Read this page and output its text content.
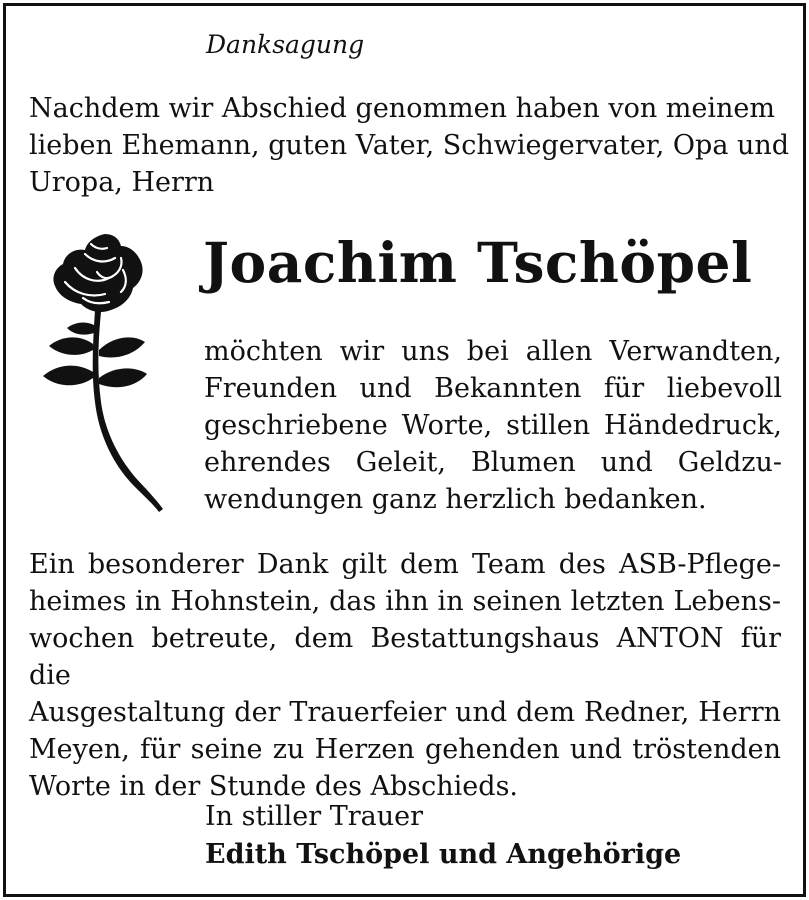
Danksagung
Nachdem wir Abschied genommen haben von meinem
lieben Ehemann, guten Vater, Schwiegervater, Opa und
Uropa, Herrn
Joachim Tschöpel
möchten wir uns bei allen Verwandten,
Freunden und Bekannten für liebevoll
geschriebene Worte, stillen Händedruck,
ehrendes Geleit, Blumen und Geldzu-
wendungen ganz herzlich bedanken.
Ein besonderer Dank gilt dem Team des ASB-Pflege-
heimes in Hohnstein, das ihn in seinen letzten Lebens-
wochen betreute, dem Bestattungshaus ANTON für die
Ausgestaltung der Trauerfeier und dem Redner, Herrn
Meyen, für seine zu Herzen gehenden und tröstenden
Worte in der Stunde des Abschieds.
In stiller Trauer
Edith Tschöpel und Angehörige
